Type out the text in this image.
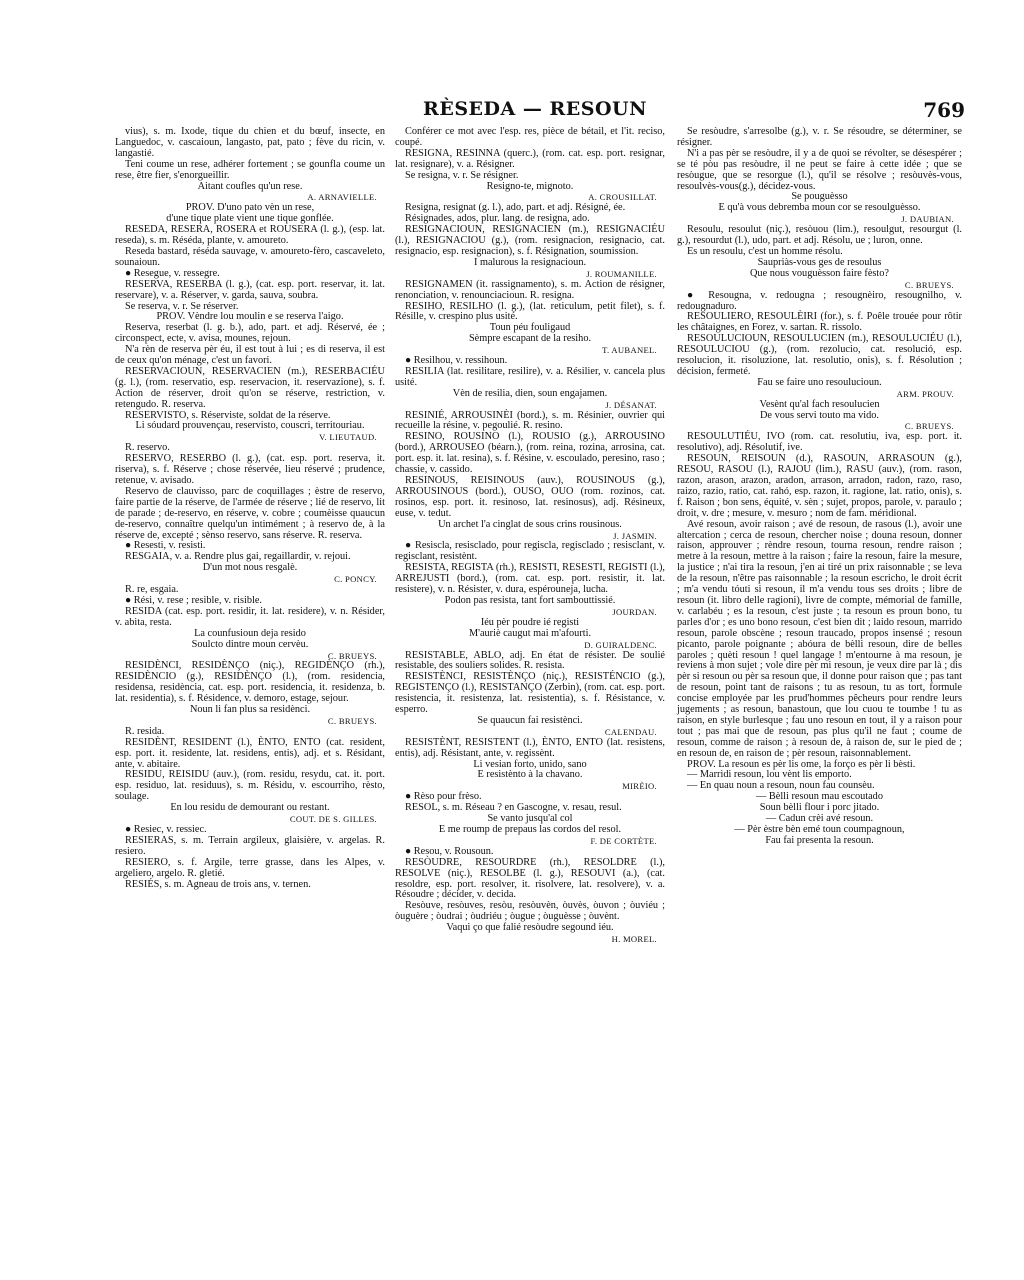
RÈSEDA — RESOUN	769

vius), s. m. Ixode, tique du chien et du bœuf, insecte, en Languedoc, v. cascaioun, langasto, pat, pato ; fève du ricin, v. langastié.

Teni coume un rese, adhérer fortement ; se gounfla coume un rese, être fier, s'enorgueillir.

Aitant coufles qu'un rese.

A. ARNAVIELLE.

PROV. D'uno pato vèn un rese,

d'une tique plate vient une tique gonflée.

RESEDA, RESERA, ROSERA et ROUSERA (l. g.), (esp. lat. reseda), s. m. Réséda, plante, v. amoureto.

Reseda bastard, réséda sauvage, v. amoureto-fèro, cascaveleto, sounaioun.

● Resegue, v. ressegre.

RESERVA, RESERBA (l. g.), (cat. esp. port. reservar, it. lat. reservare), v. a. Réserver, v. garda, sauva, soubra.

Se reserva, v. r. Se réserver.

PROV. Vèndre lou moulin e se reserva l'aigo.

Reserva, reserbat (l. g. b.), ado, part. et adj. Réservé, ée ; circonspect, ecte, v. avisa, mounes, rejoun.

N'a rèn de reserva pèr éu, il est tout à lui ; es di reserva, il est de ceux qu'on ménage, c'est un favori.

RESERVACIOUN, RESERVACIEN (m.), RESERBACIÉU (g. l.), (rom. reservatio, esp. reservacion, it. reservazione), s. f. Action de réserver, droit qu'on se réserve, restriction, v. retengudo. R. reserva.

RESERVISTO, s. Réserviste, soldat de la réserve.

Li sóudard prouvençau, reservisto, couscri, territouriau.

V. LIEUTAUD.

R. reservo.

RESERVO, RESERBO (l. g.), (cat. esp. port. reserva, it. riserva), s. f. Réserve ; chose réservée, lieu réservé ; prudence, retenue, v. avisado.

Reservo de clauvisso, parc de coquillages ; èstre de reservo, faire partie de la réserve, de l'armée de réserve ; lié de reservo, lit de parade ; de-reservo, en réserve, v. cobre ; coumèisse quaucun de-reservo, connaître quelqu'un intimément ; à reservo de, à la réserve de, excepté ; sènso reservo, sans réserve. R. reserva.

● Resesti, v. resisti.

RESGAIA, v. a. Rendre plus gai, regaillardir, v. rejoui.

D'un mot nous resgalè.

C. PONCY.

R. re, esgaia.

● Rési, v. rese ; resible, v. risible.

RESIDA (cat. esp. port. residir, it. lat. residere), v. n. Résider, v. abita, resta.

La counfusioun deja resido

Soulcto dintre moun cervèu.

C. BRUEYS.

RESIDÈNCI, RESIDÈNÇO (niç.), REGIDÈNÇO (rh.), RESIDÈNCIO (g.), RESIDÈNÇO (l.), (rom. residencia, residensa, residència, cat. esp. port. residencia, it. residenza, b. lat. residentia), s. f. Résidence, v. demoro, estage, sejour.

Noun li fan plus sa residènci.

C. BRUEYS.

R. resida.

RESIDÈNT, RESIDENT (l.), ÈNTO, ENTO (cat. resident, esp. port. it. residente, lat. residens, entis), adj. et s. Résidant, ante, v. abitaire.

RESIDU, REISIDU (auv.), (rom. residu, resydu, cat. it. port. esp. residuo, lat. residuus), s. m. Résidu, v. escourriho, rèsto, soulage.

En lou residu de demourant ou restant.

COUT. DE S. GILLES.

● Resiec, v. ressiec.

RESIERAS, s. m. Terrain argileux, glaisière, v. argelas. R. resiero.

RESIERO, s. f. Argile, terre grasse, dans les Alpes, v. argeliero, argelo. R. gletié.

RESIÉS, s. m. Agneau de trois ans, v. ternen.

Conférer ce mot avec l'esp. res, pièce de bétail, et l'it. reciso, coupé.

RESIGNA, RESINNA (querc.), (rom. cat. esp. port. resignar, lat. resignare), v. a. Résigner.

Se resigna, v. r. Se résigner.

Resigno-te, mignoto.

A. CROUSILLAT.

Resigna, resignat (g. l.), ado, part. et adj. Résigné, ée.

Résignades, ados, plur. lang. de resigna, ado.

RESIGNACIOUN, RESIGNACIEN (m.), RESIGNACIÉU (l.), RESIGNACIOU (g.), (rom. resignacion, resignacio, cat. resignacio, esp. resignacion), s. f. Résignation, soumission.

I malurous la resignacioun.

J. ROUMANILLE.

RESIGNAMEN (it. rassignamento), s. m. Action de résigner, renonciation, v. renounciacioun. R. resigna.

RESIHO, RESILHO (l. g.), (lat. reticulum, petit filet), s. f. Résille, v. crespino plus usité.

Toun péu fouligaud

Sèmpre escapant de la resiho.

T. AUBANEL.

● Resilhou, v. ressihoun.

RESILIA (lat. resilitare, resilire), v. a. Résilier, v. cancela plus usité.

Vèn de resilia, dien, soun engajamen.

J. DÉSANAT.

RESINIÉ, ARROUSINÈI (bord.), s. m. Résinier, ouvrier qui recueille la résine, v. pegoulié. R. resino.

RESINO, ROUSINO (l.), ROUSIO (g.), ARROUSINO (bord.), ARROUSEO (béarn.), (rom. reina, rozina, arrosina, cat. port. esp. it. lat. resina), s. f. Résine, v. escoulado, peresino, raso ; chassie, v. cassido.

RESINOUS, REISINOUS (auv.), ROUSINOUS (g.), ARROUSINOUS (bord.), OUSO, OUO (rom. rozinos, cat. rosinos, esp. port. it. resinoso, lat. resinosus), adj. Résineux, euse, v. tedut.

Un archet l'a cinglat de sous crins rousinous.

J. JASMIN.

● Resiscla, resisclado, pour regiscla, regisclado ; resisclant, v. regisclant, resistènt.

RESISTA, REGISTA (rh.), RESISTI, RESESTI, REGISTI (l.), ARREJUSTI (bord.), (rom. cat. esp. port. resistir, it. lat. resistere), v. n. Résister, v. dura, espérouneja, lucha.

Podon pas resista, tant fort sambouttissié.

JOURDAN.

Iéu pèr poudre ié registi

M'auriè caugut mai m'afourti.

D. GUIRALDENC.

RESISTABLE, ABLO, adj. En état de résister. De soulié resistable, des souliers solides. R. resista.

RESISTÈNCI, RESISTÈNÇO (niç.), RESISTÉNCIO (g.), REGISTENÇO (l.), RESISTANÇO (Zerbin), (rom. cat. esp. port. resistencia, it. resistenza, lat. resistentia), s. f. Résistance, v. esperro.

Se quaucun fai resistènci.

CALENDAU.

RESISTÈNT, RESISTENT (l.), ÈNTO, ENTO (lat. resistens, entis), adj. Résistant, ante, v. regissènt.

Li vesian forto, unido, sano

E resistènto à la chavano.

MIRÈIO.

● Rèso pour frèso.

RESOL, s. m. Réseau ? en Gascogne, v. resau, resul.

Se vanto jusqu'al col

E me roump de prepaus las cordos del resol.

F. DE CORTÈTE.

● Resou, v. Rousoun.

RESÒUDRE, RESOURDRE (rh.), RESOLDRE (l.), RESOLVE (niç.), RESOLBE (l. g.), RESOUVI (a.), (cat. resoldre, esp. port. resolver, it. risolvere, lat. resolvere), v. a. Résoudre ; décider, v. decida.

Resòuve, resòuves, resòu, resòuvèn, òuvès, òuvon ; òuviéu ; òuguère ; òudrai ; òudriéu ; òugue ; òuguèsse ; òuvènt.

Vaqui ço que falié resòudre segound iéu.

H. MOREL.

Se resòudre, s'arresolbe (g.), v. r. Se résoudre, se déterminer, se résigner.

N'i a pas pèr se resòudre, il y a de quoi se révolter, se désespérer ; se té pòu pas resòudre, il ne peut se faire à cette idée ; que se resòugue, que se resorgue (l.), qu'il se résolve ; resòuvès-vous, resoulvès-vous(g.), décidez-vous.

Se pouguèsso

E qu'à vous debremba moun cor se resoulguèsso.

J. DAUBIAN.

Resoulu, resoulut (niç.), resòuou (lim.), resoulgut, resourgut (l. g.), resourdut (l.), udo, part. et adj. Résolu, ue ; luron, onne.

Es un resoulu, c'est un homme résolu.

Saupriàs-vous ges de resoulus

Que nous vouguèsson faire fèsto?

C. BRUEYS.

● Resougna, v. redougna ; resougnèiro, resougnilho, v. redougnaduro.

RESOULIERO, RESOULÈIRI (for.), s. f. Poêle trouée pour rôtir les châtaignes, en Forez, v. sartan. R. rissolo.

RESOULUCIOUN, RESOULUCIEN (m.), RESOULUCIÉU (l.), RESOULUCIOU (g.), (rom. rezolucio, cat. resolució, esp. resolucion, it. risoluzione, lat. resolutio, onis), s. f. Résolution ; décision, fermeté.

Fau se faire uno resoulucioun.

ARM. PROUV.

Vesènt qu'al fach resoulucien

De vous servi touto ma vido.

C. BRUEYS.

RESOULUTIÉU, IVO (rom. cat. resolutiu, iva, esp. port. it. resolutivo), adj. Résolutif, ive.

RESOUN, REISOUN (d.), RASOUN, ARRASOUN (g.), RESOU, RASOU (l.), RAJOU (lim.), RASU (auv.), (rom. rason, razon, arason, arazon, aradon, arrason, arradon, radon, razo, raso, raizo, razio, ratio, cat. rahó, esp. razon, it. ragione, lat. ratio, onis), s. f. Raison ; bon sens, équité, v. sèn ; sujet, propos, parole, v. paraulo ; droit, v. dre ; mesure, v. mesuro ; nom de fam. méridional.

Avé resoun, avoir raison ; avé de resoun, de rasous (l.), avoir une altercation ; cerca de resoun, chercher noise ; douna resoun, donner raison, approuver ; rèndre resoun, tourna resoun, rendre raison ; metre à la resoun, mettre à la raison ; faire la resoun, faire la mesure, la justice ; n'ai tira la resoun, j'en ai tiré un prix raisonnable ; se leva de la resoun, n'être pas raisonnable ; la resoun escricho, le droit écrit ; m'a vendu tóuti si resoun, il m'a vendu tous ses droits ; libre de resoun (it. libro delle ragioni), livre de compte, mémorial de famille, v. carlabéu ; es la resoun, c'est juste ; ta resoun es proun bono, tu parles d'or ; es uno bono resoun, c'est bien dit ; laido resoun, marrido resoun, parole obscène ; resoun traucado, propos insensé ; resoun picanto, parole poignante ; abóura de bèlli resoun, dire de belles paroles ; quèti resoun ! quel langage ! m'entourne à ma resoun, je reviens à mon sujet ; vole dire pèr mi resoun, je veux dire par là ; dis pèr si resoun ou pèr sa resoun que, il donne pour raison que ; pas tant de resoun, point tant de raisons ; tu as resoun, tu as tort, formule concise employée par les prud'hommes pêcheurs pour rendre leurs jugements ; as resoun, banastoun, que lou cuou te toumbe ! tu as raison, en style burlesque ; fau uno resoun en tout, il y a raison pour tout ; pas mai que de resoun, pas plus qu'il ne faut ; coume de resoun, comme de raison ; à resoun de, à raison de, sur le pied de ; en resoun de, en raison de ; pèr resoun, raisonnablement.

PROV. La resoun es pèr lis ome, la forço es pèr li bèsti.

— Marrìdi resoun, lou vènt lis emporto.

— En quau noun a resoun, noun fau counsèu.

— Bèlli resoun mau escoutado

Soun bèlli flour i porc jitado.

— Cadun crèi avé resoun.

— Pèr èstre bèn emé toun coumpagnoun,

Fau fai presenta la resoun.
